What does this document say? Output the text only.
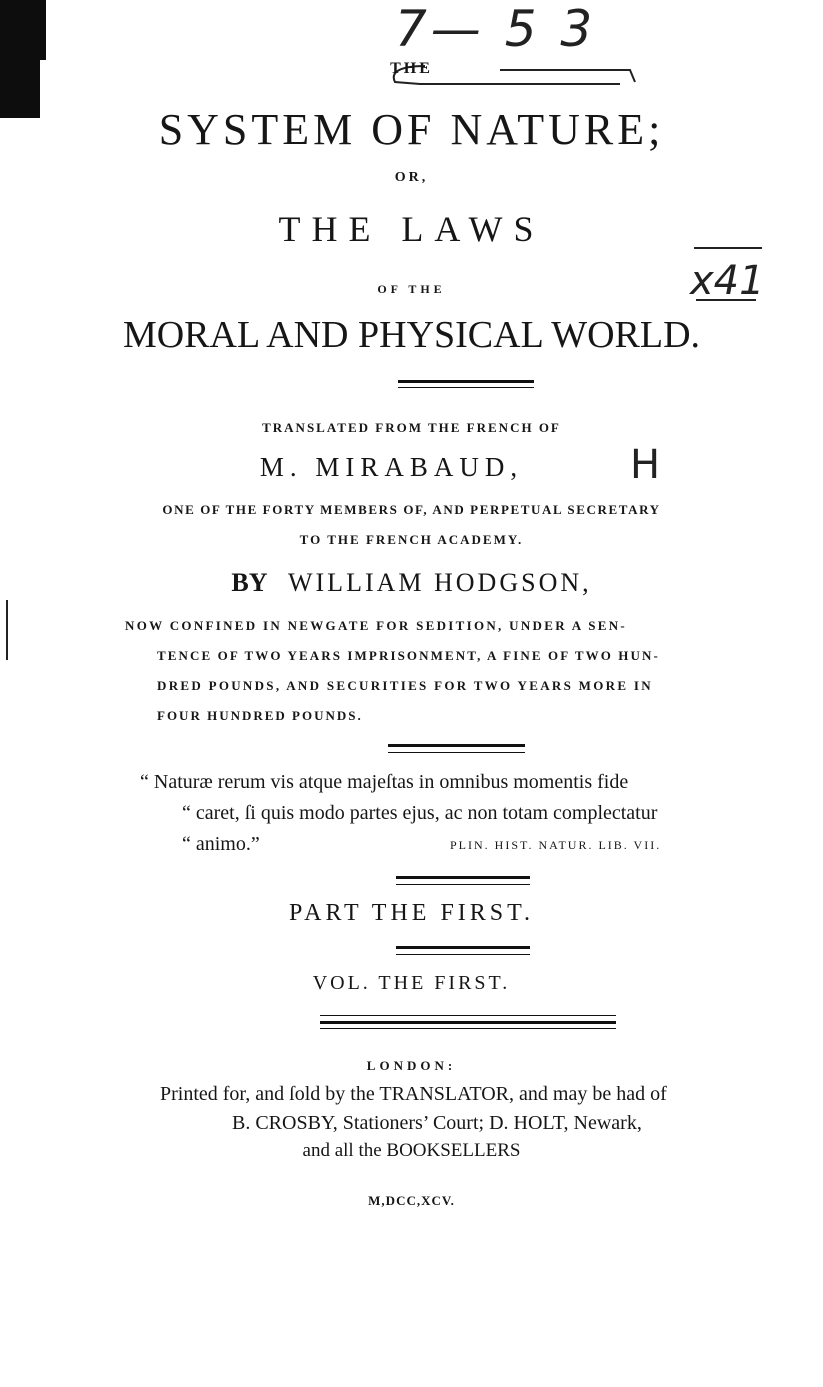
7— 5 3
x41
H
THE
SYSTEM OF NATURE;
OR,
THE LAWS
OF THE
MORAL AND PHYSICAL WORLD.
TRANSLATED FROM THE FRENCH OF
M. MIRABAUD,
ONE OF THE FORTY MEMBERS OF, AND PERPETUAL SECRETARY
TO THE FRENCH ACADEMY.
BY WILLIAM HODGSON,
NOW CONFINED IN NEWGATE FOR SEDITION, UNDER A SEN-
TENCE OF TWO YEARS IMPRISONMENT, A FINE OF TWO HUN-
DRED POUNDS, AND SECURITIES FOR TWO YEARS MORE IN
FOUR HUNDRED POUNDS.
“ Naturæ rerum vis atque majeſtas in omnibus momentis fide
“ caret, ſi quis modo partes ejus, ac non totam complectatur
“ animo.”	PLIN. HIST. NATUR. LIB. VII.
PART THE FIRST.
VOL. THE FIRST.
LONDON:
Printed for, and ſold by the TRANSLATOR, and may be had of
B. CROSBY, Stationers’ Court; D. HOLT, Newark,
and all the BOOKSELLERS
M,DCC,XCV.
